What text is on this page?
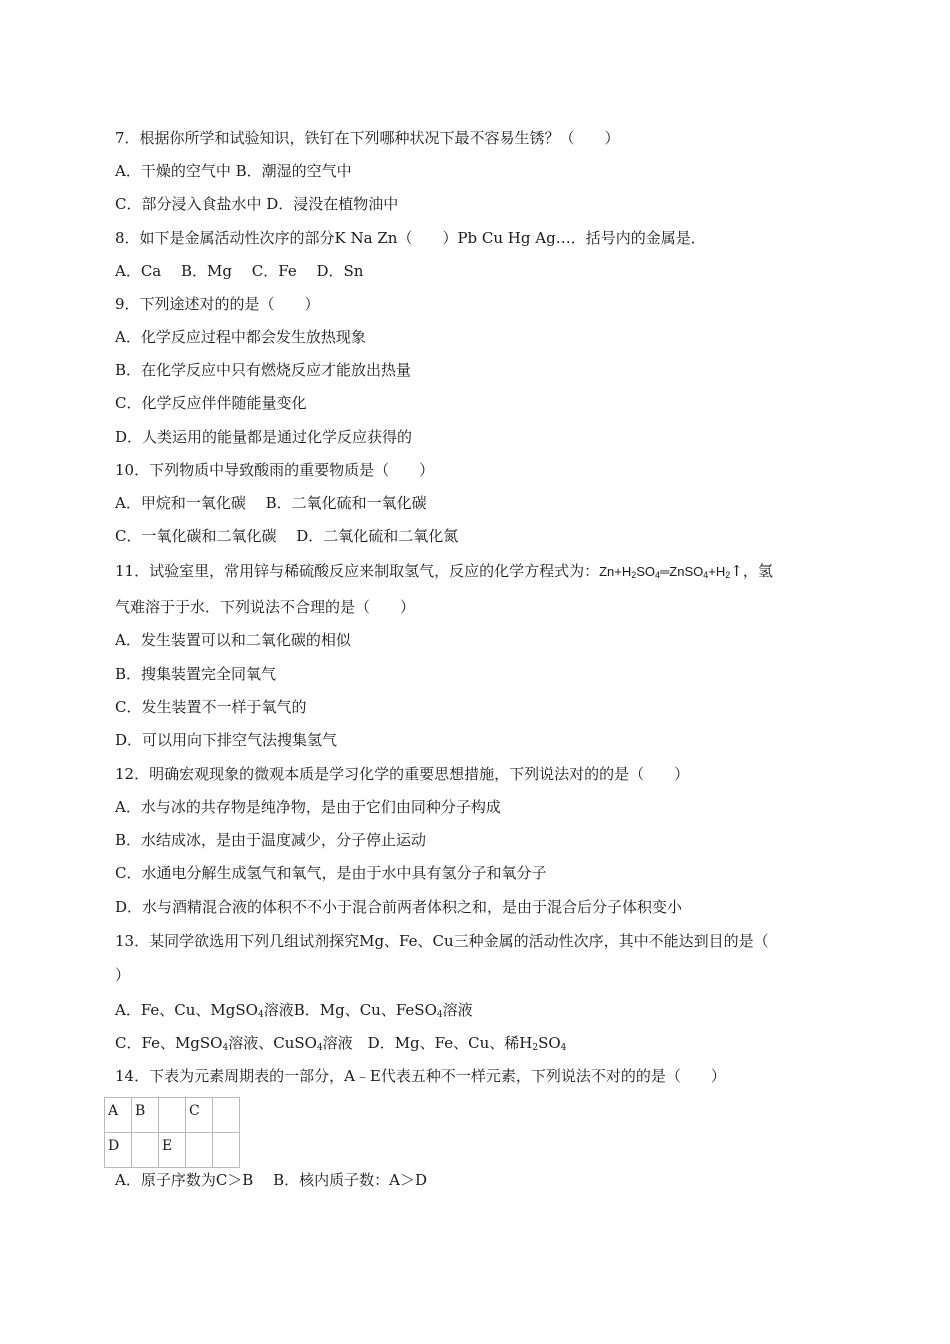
7．根据你所学和试验知识，铁钉在下列哪种状况下最不容易生锈？（　　）
A．干燥的空气中 B．潮湿的空气中
C．部分浸入食盐水中 D．浸没在植物油中
8．如下是金属活动性次序的部分K Na Zn（　　）Pb Cu Hg Ag…．括号内的金属是．
A．Ca　 B．Mg　 C．Fe　 D．Sn
9．下列途述对的的是（　　）
A．化学反应过程中都会发生放热现象
B．在化学反应中只有燃烧反应才能放出热量
C．化学反应伴伴随能量变化
D．人类运用的能量都是通过化学反应获得的
10．下列物质中导致酸雨的重要物质是（　　）
A．甲烷和一氧化碳　 B．二氧化硫和一氧化碳
C．一氧化碳和二氧化碳　 D．二氧化硫和二氧化氮
11．试验室里，常用锌与稀硫酸反应来制取氢气，反应的化学方程式为：$Zn+H_2SO_4═ZnSO_4+H_2↑$，氢
气难溶于于水．下列说法不合理的是（　　）
A．发生装置可以和二氧化碳的相似
B．搜集装置完全同氧气
C．发生装置不一样于氧气的
D．可以用向下排空气法搜集氢气
12．明确宏观现象的微观本质是学习化学的重要思想措施，下列说法对的的是（　　）
A．水与冰的共存物是纯净物，是由于它们由同种分子构成
B．水结成冰，是由于温度减少，分子停止运动
C．水通电分解生成氢气和氧气，是由于水中具有氢分子和氧分子
D．水与酒精混合液的体积不不小于混合前两者体积之和，是由于混合后分子体积变小
13．某同学欲选用下列几组试剂探究Mg、Fe、Cu三种金属的活动性次序，其中不能达到目的是（
）
A．Fe、Cu、MgSO$_4$溶液B．Mg、Cu、FeSO$_4$溶液
C．Fe、MgSO$_4$溶液、CuSO$_4$溶液　D．Mg、Fe、Cu、稀$H_2SO_4$
14．下表为元素周期表的一部分，A﹣E代表五种不一样元素，下列说法不对的的是（　　）
A	B		C	
D		E		
A．原子序数为C＞B　 B．核内质子数：A＞D
